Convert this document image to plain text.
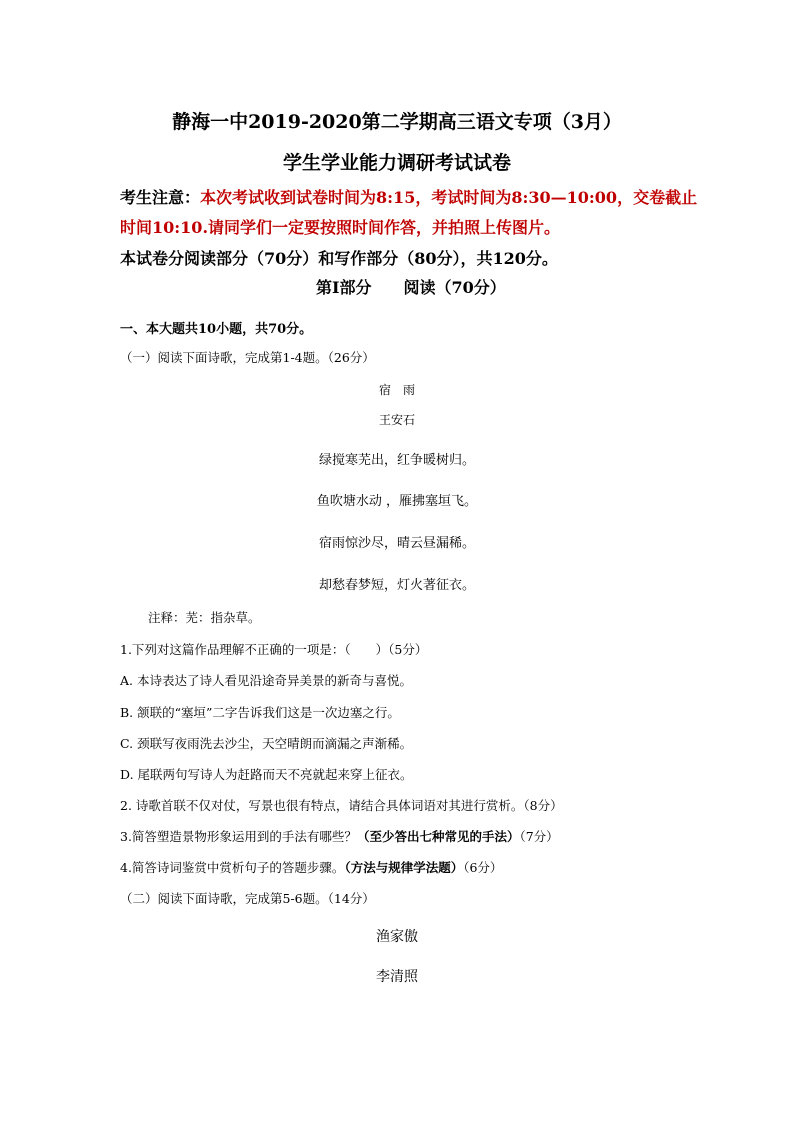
静海一中2019-2020第二学期高三语文专项（3月）
学生学业能力调研考试试卷
考生注意：本次考试收到试卷时间为8:15，考试时间为8:30—10:00，交卷截止
时间10:10.请同学们一定要按照时间作答，并拍照上传图片。
本试卷分阅读部分（70分）和写作部分（80分），共120分。
第Ⅰ部分　　阅读（70分）
一、本大题共10小题，共70分。
（一）阅读下面诗歌，完成第1-4题。（26分）
宿　雨
王安石
绿搅寒芜出，红争暖树归。
鱼吹塘水动 ，雁拂塞垣飞。
宿雨惊沙尽，晴云昼漏稀。
却愁春梦短，灯火著征衣。
注释：芜：指杂草。
1.下列对这篇作品理解不正确的一项是：（　　）（5分）
A. 本诗表达了诗人看见沿途奇异美景的新奇与喜悦。
B. 颔联的“塞垣”二字告诉我们这是一次边塞之行。
C. 颈联写夜雨洗去沙尘，天空晴朗而滴漏之声渐稀。
D. 尾联两句写诗人为赶路而天不亮就起来穿上征衣。
2. 诗歌首联不仅对仗，写景也很有特点，请结合具体词语对其进行赏析。（8分）
3.简答塑造景物形象运用到的手法有哪些？（至少答出七种常见的手法）（7分）
4.简答诗词鉴赏中赏析句子的答题步骤。（方法与规律学法题）（6分）
（二）阅读下面诗歌，完成第5-6题。（14分）
渔家傲
李清照
